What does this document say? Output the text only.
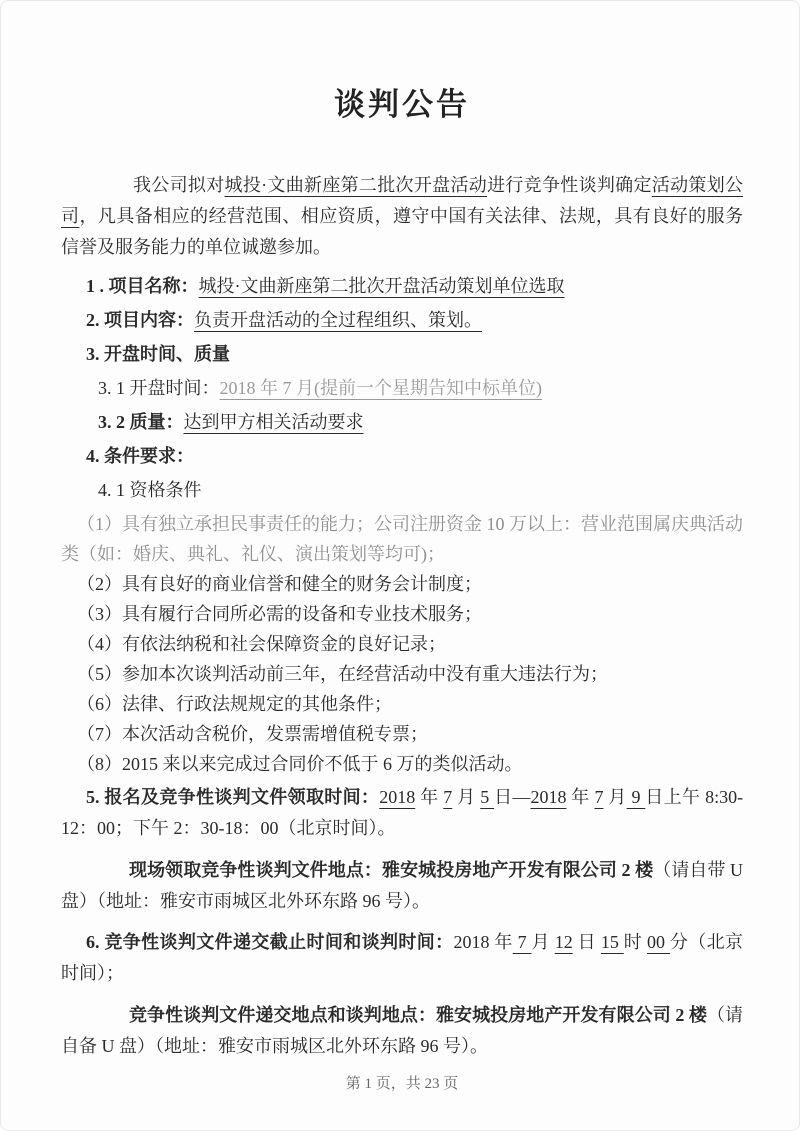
谈判公告

我公司拟对城投·文曲新座第二批次开盘活动进行竞争性谈判确定活动策划公司，凡具备相应的经营范围、相应资质，遵守中国有关法律、法规，具有良好的服务信誉及服务能力的单位诚邀参加。

1 . 项目名称：城投·文曲新座第二批次开盘活动策划单位选取

2. 项目内容：负责开盘活动的全过程组织、策划。

3. 开盘时间、质量

3. 1 开盘时间：2018 年 7 月(提前一个星期告知中标单位)

3. 2 质量：达到甲方相关活动要求

4. 条件要求：

4. 1 资格条件

（1）具有独立承担民事责任的能力；公司注册资金 10 万以上：营业范围属庆典活动类（如：婚庆、典礼、礼仪、演出策划等均可)；

（2）具有良好的商业信誉和健全的财务会计制度；

（3）具有履行合同所必需的设备和专业技术服务；

（4）有依法纳税和社会保障资金的良好记录；

（5）参加本次谈判活动前三年，在经营活动中没有重大违法行为；

（6）法律、行政法规规定的其他条件；

（7）本次活动含税价，发票需增值税专票；

（8）2015 来以来完成过合同价不低于 6 万的类似活动。

5. 报名及竞争性谈判文件领取时间：2018 年 7 月 5 日—2018 年 7 月 9 日上午 8:30-12：00；下午 2：30-18：00（北京时间）。

现场领取竞争性谈判文件地点：雅安城投房地产开发有限公司 2 楼（请自带 U 盘）（地址：雅安市雨城区北外环东路 96 号）。

6. 竞争性谈判文件递交截止时间和谈判时间：2018 年 7 月 12 日 15 时 00 分（北京时间）；

竞争性谈判文件递交地点和谈判地点：雅安城投房地产开发有限公司 2 楼（请自备 U 盘）（地址：雅安市雨城区北外环东路 96 号）。

第 1 页，共 23 页
